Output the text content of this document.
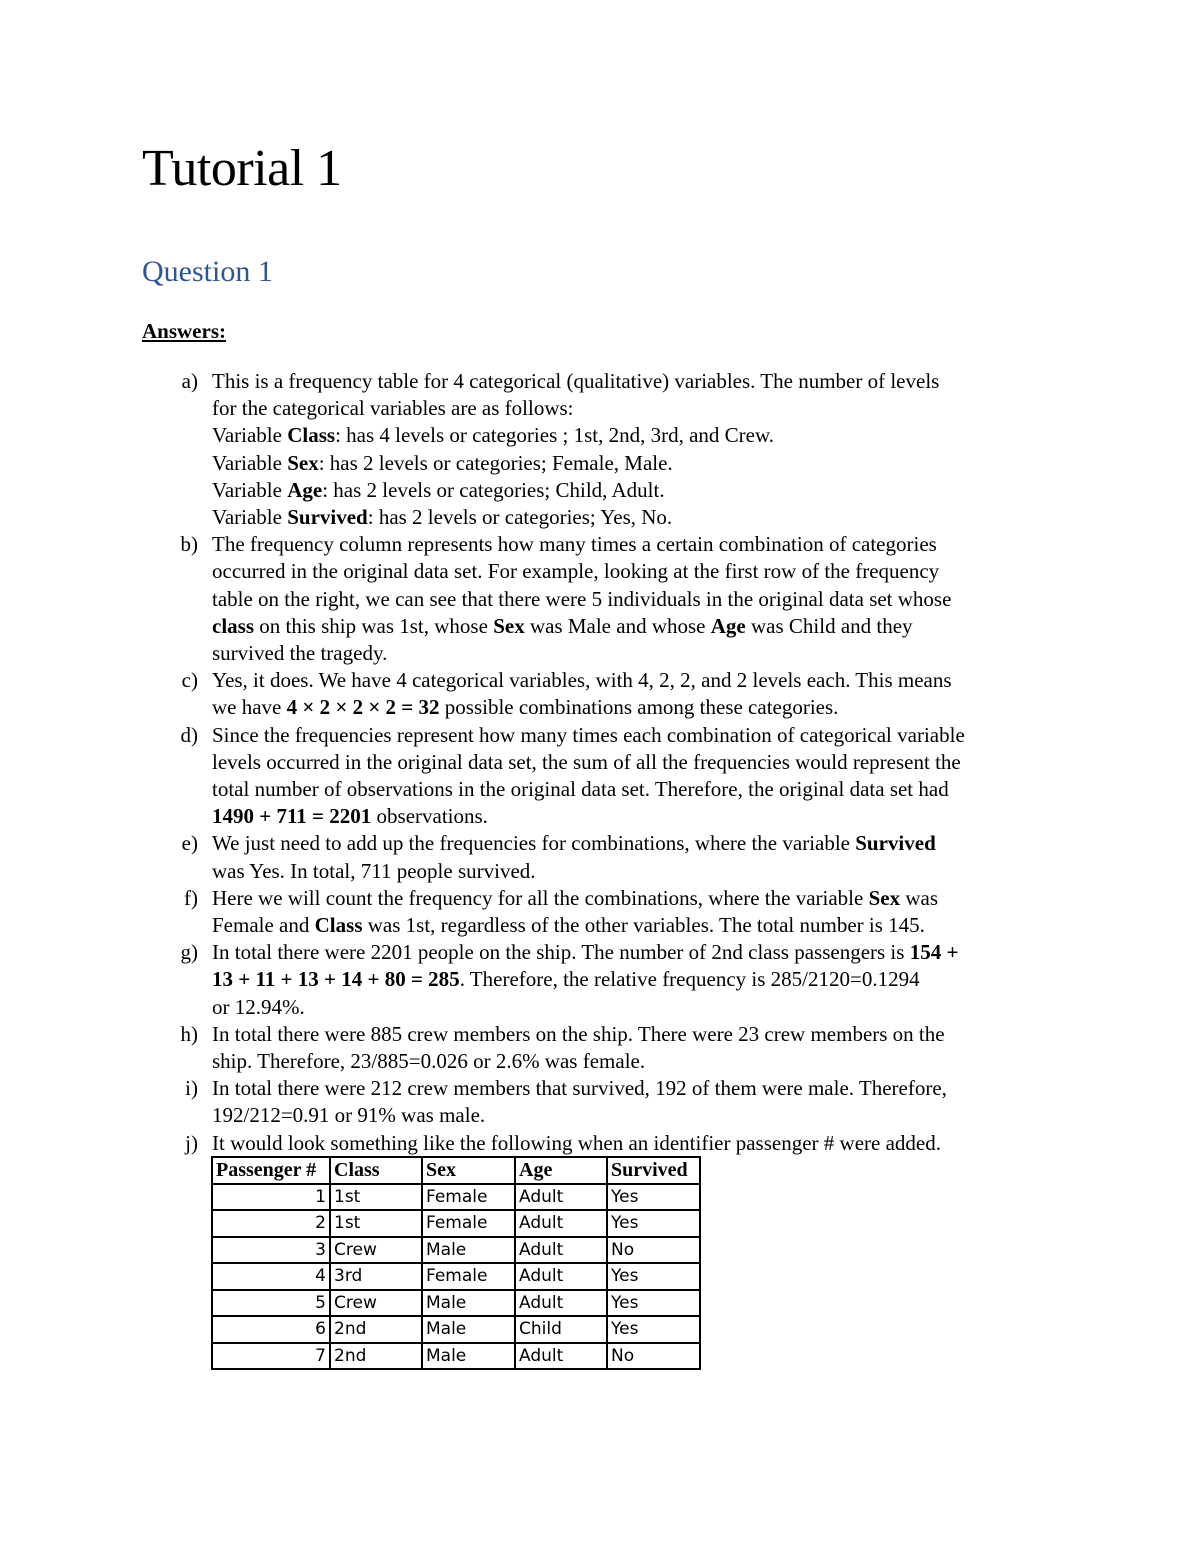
Tutorial 1
Question 1

Answers:

a) This is a frequency table for 4 categorical (qualitative) variables. The number of levels
for the categorical variables are as follows:
Variable Class: has 4 levels or categories ; 1st, 2nd, 3rd, and Crew.
Variable Sex: has 2 levels or categories; Female, Male.
Variable Age: has 2 levels or categories; Child, Adult.
Variable Survived: has 2 levels or categories; Yes, No.
b) The frequency column represents how many times a certain combination of categories
occurred in the original data set. For example, looking at the first row of the frequency
table on the right, we can see that there were 5 individuals in the original data set whose
class on this ship was 1st, whose Sex was Male and whose Age was Child and they
survived the tragedy.
c) Yes, it does. We have 4 categorical variables, with 4, 2, 2, and 2 levels each. This means
we have 4 × 2 × 2 × 2 = 32 possible combinations among these categories.
d) Since the frequencies represent how many times each combination of categorical variable
levels occurred in the original data set, the sum of all the frequencies would represent the
total number of observations in the original data set. Therefore, the original data set had
1490 + 711 = 2201 observations.
e) We just need to add up the frequencies for combinations, where the variable Survived
was Yes. In total, 711 people survived.
f) Here we will count the frequency for all the combinations, where the variable Sex was
Female and Class was 1st, regardless of the other variables. The total number is 145.
g) In total there were 2201 people on the ship. The number of 2nd class passengers is 154 +
13 + 11 + 13 + 14 + 80 = 285. Therefore, the relative frequency is 285/2120=0.1294
or 12.94%.
h) In total there were 885 crew members on the ship. There were 23 crew members on the
ship. Therefore, 23/885=0.026 or 2.6% was female.
i) In total there were 212 crew members that survived, 192 of them were male. Therefore,
192/212=0.91 or 91% was male.
j) It would look something like the following when an identifier passenger # were added.
Passenger #	Class	Sex	Age	Survived
1	1st	Female	Adult	Yes
2	1st	Female	Adult	Yes
3	Crew	Male	Adult	No
4	3rd	Female	Adult	Yes
5	Crew	Male	Adult	Yes
6	2nd	Male	Child	Yes
7	2nd	Male	Adult	No
